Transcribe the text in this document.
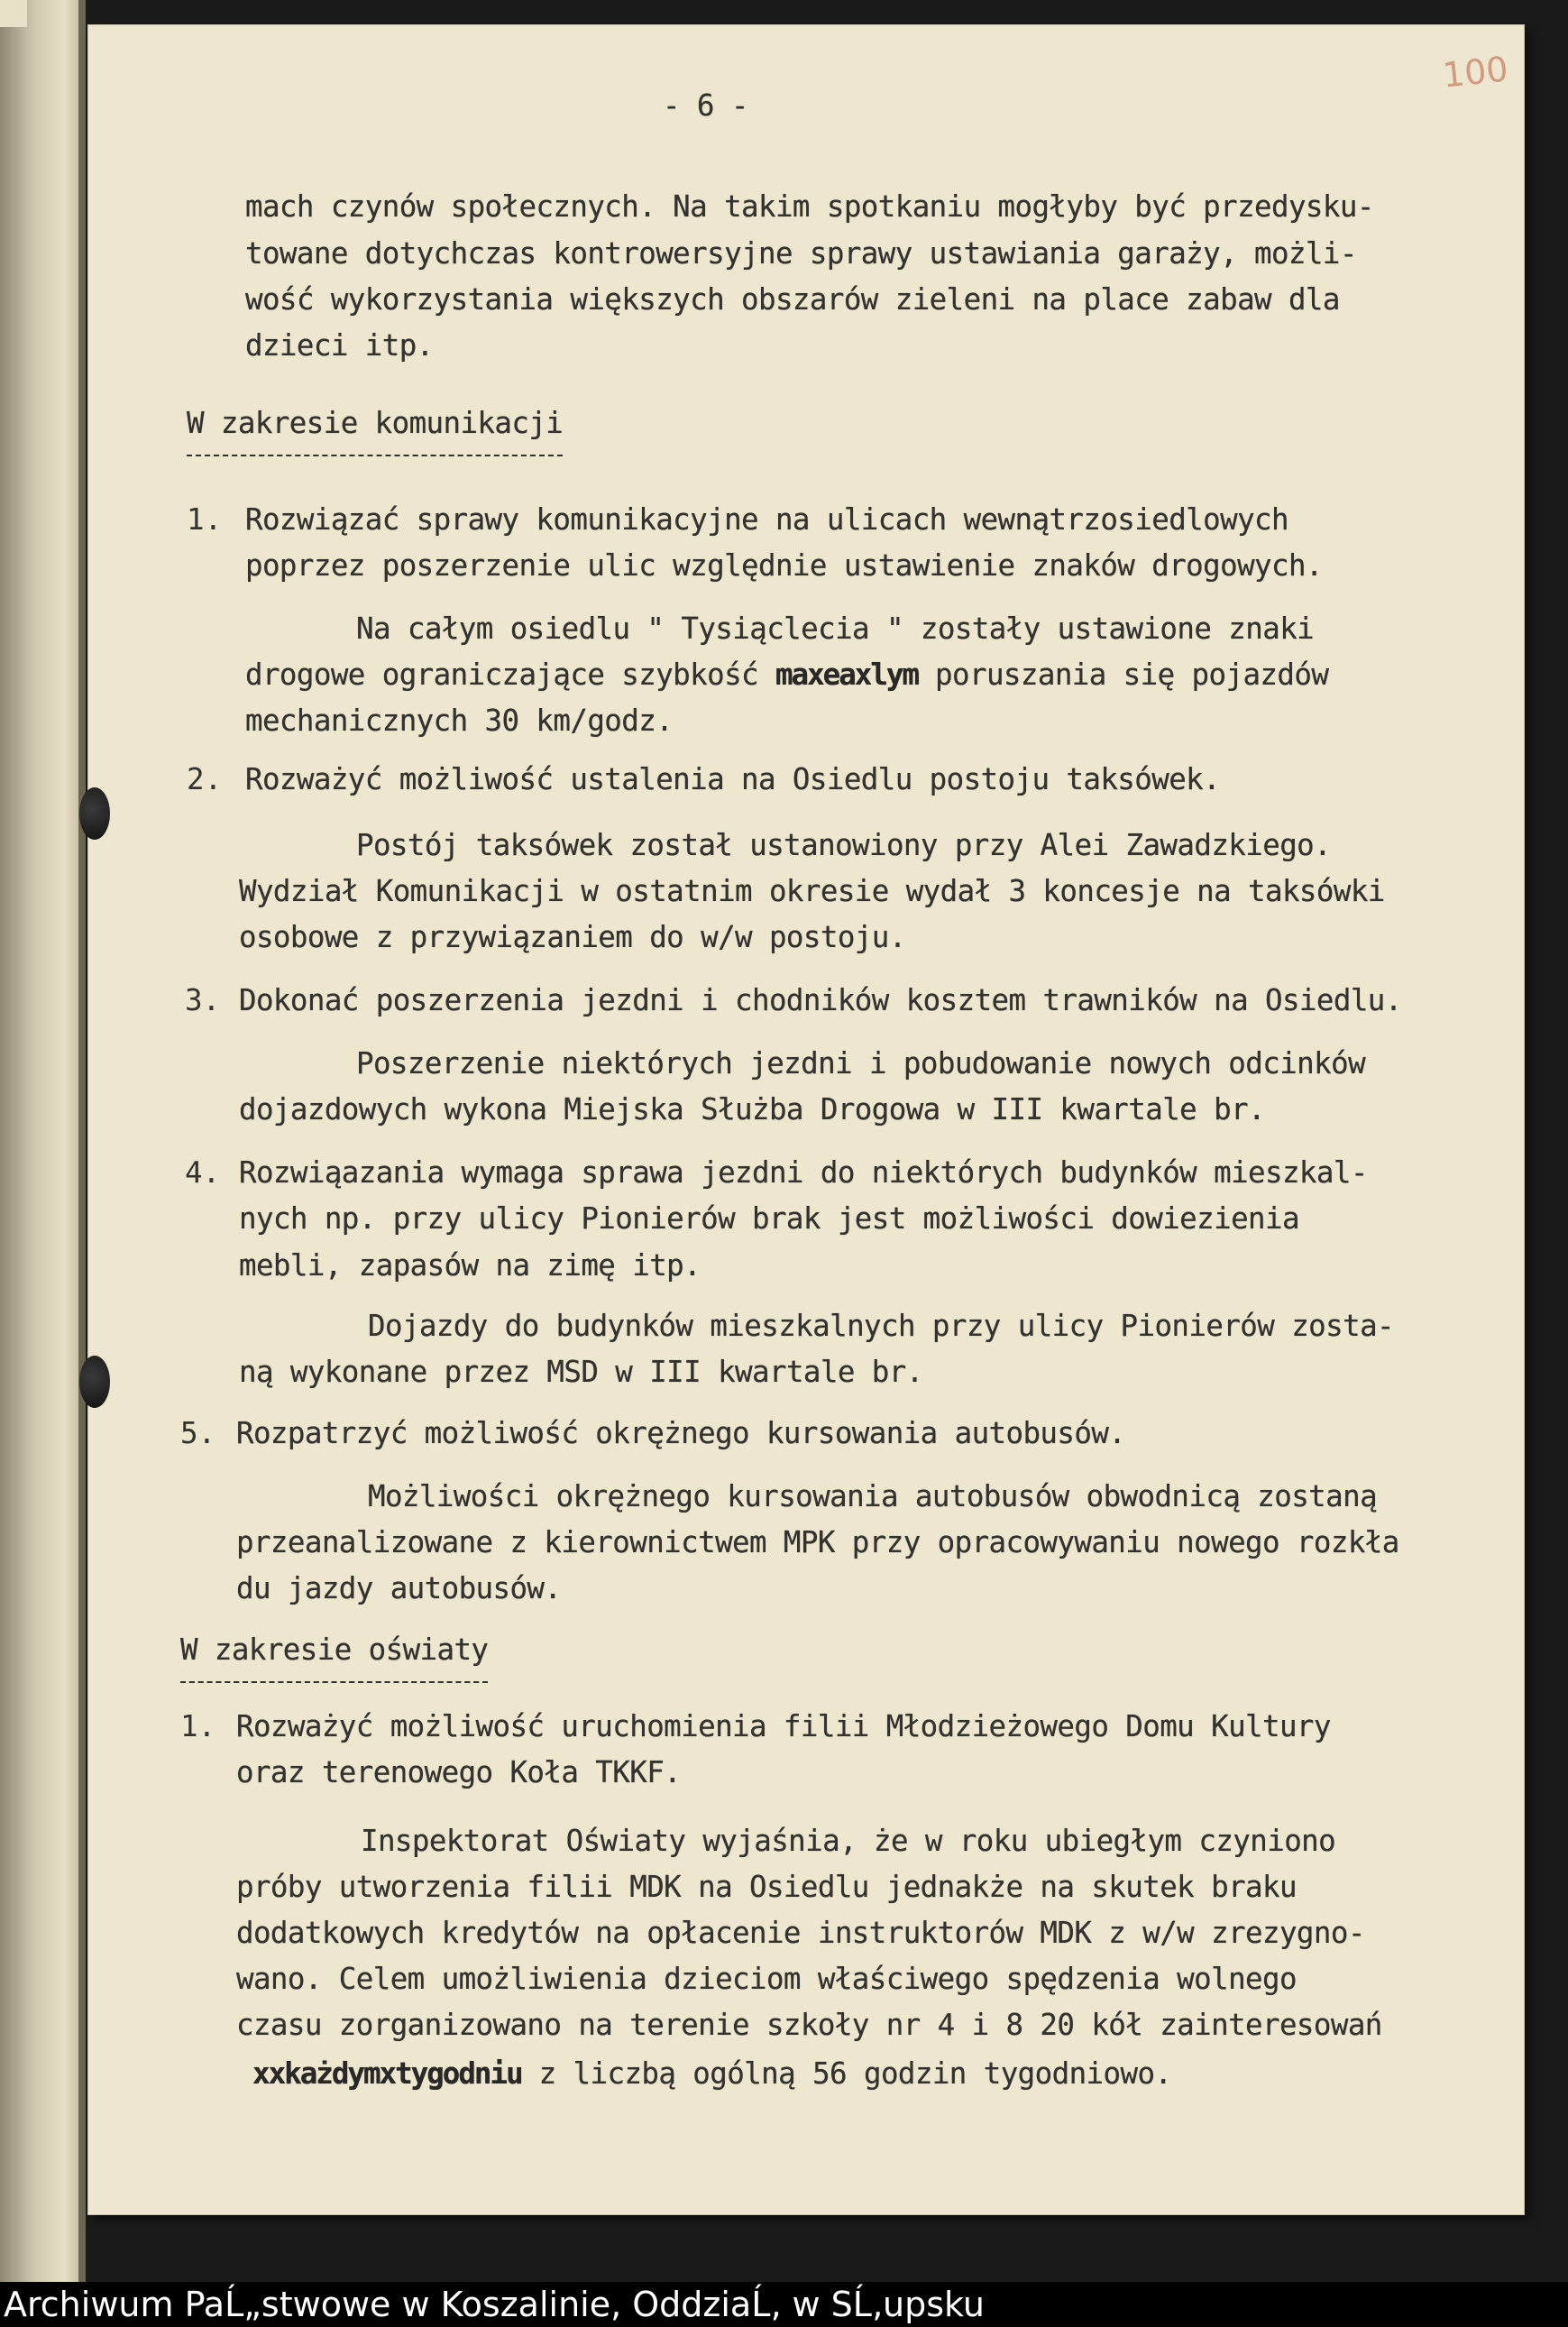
100
- 6 -
mach czynów społecznych. Na takim spotkaniu mogłyby być przedysku-
towane dotychczas kontrowersyjne sprawy ustawiania garaży, możli-
wość wykorzystania większych obszarów zieleni na place zabaw dla
dzieci itp.
W zakresie komunikacji
1. Rozwiązać sprawy komunikacyjne na ulicach wewnątrzosiedlowych
poprzez poszerzenie ulic względnie ustawienie znaków drogowych.
Na całym osiedlu " Tysiąclecia " zostały ustawione znaki
drogowe ograniczające szybkość maxeaxlym poruszania się pojazdów
mechanicznych 30 km/godz.
2. Rozważyć możliwość ustalenia na Osiedlu postoju taksówek.
Postój taksówek został ustanowiony przy Alei Zawadzkiego.
Wydział Komunikacji w ostatnim okresie wydał 3 koncesje na taksówki
osobowe z przywiązaniem do w/w postoju.
3. Dokonać poszerzenia jezdni i chodników kosztem trawników na Osiedlu.
Poszerzenie niektórych jezdni i pobudowanie nowych odcinków
dojazdowych wykona Miejska Służba Drogowa w III kwartale br.
4. Rozwiąazania wymaga sprawa jezdni do niektórych budynków mieszkal-
nych np. przy ulicy Pionierów brak jest możliwości dowiezienia
mebli, zapasów na zimę itp.
Dojazdy do budynków mieszkalnych przy ulicy Pionierów zosta-
ną wykonane przez MSD w III kwartale br.
5. Rozpatrzyć możliwość okrężnego kursowania autobusów.
Możliwości okrężnego kursowania autobusów obwodnicą zostaną
przeanalizowane z kierownictwem MPK przy opracowywaniu nowego rozkła
du jazdy autobusów.
W zakresie oświaty
1. Rozważyć możliwość uruchomienia filii Młodzieżowego Domu Kultury
oraz terenowego Koła TKKF.
Inspektorat Oświaty wyjaśnia, że w roku ubiegłym czyniono
próby utworzenia filii MDK na Osiedlu jednakże na skutek braku
dodatkowych kredytów na opłacenie instruktorów MDK z w/w zrezygno-
wano. Celem umożliwienia dzieciom właściwego spędzenia wolnego
czasu zorganizowano na terenie szkoły nr 4 i 8 20 kół zainteresowań
xxkażdymxtygodniu z liczbą ogólną 56 godzin tygodniowo.
Archiwum PaĹ„stwowe w Koszalinie, OddziaĹ‚ w SĹ‚upsku
